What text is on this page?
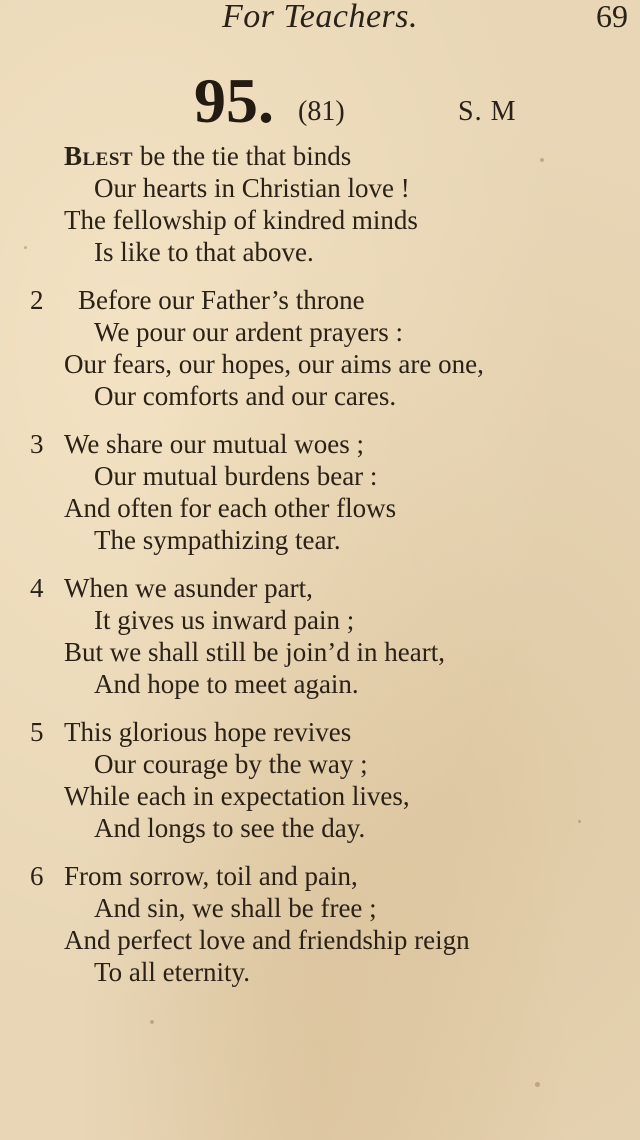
For Teachers.	69
95. (81)	S. M
Blest be the tie that binds
Our hearts in Christian love !
The fellowship of kindred minds
Is like to that above.
2 Before our Father’s throne
We pour our ardent prayers :
Our fears, our hopes, our aims are one,
Our comforts and our cares.
3 We share our mutual woes ;
Our mutual burdens bear :
And often for each other flows
The sympathizing tear.
4 When we asunder part,
It gives us inward pain ;
But we shall still be join’d in heart,
And hope to meet again.
5 This glorious hope revives
Our courage by the way ;
While each in expectation lives,
And longs to see the day.
6 From sorrow, toil and pain,
And sin, we shall be free ;
And perfect love and friendship reign
To all eternity.
